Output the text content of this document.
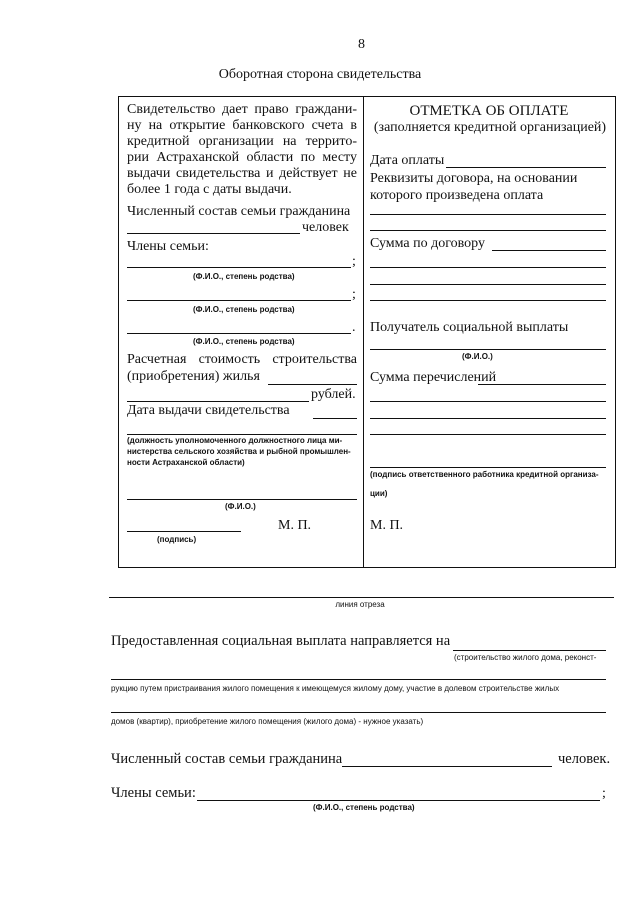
8
Оборотная сторона свидетельства
Свидетельство дает право граждани-
ну на открытие банковского счета в
кредитной организации на террито-
рии Астраханской области по месту
выдачи свидетельства и действует не
более 1 года с даты выдачи.
Численный состав семьи гражданина
человек
Члены семьи:
;
(Ф.И.О., степень родства)
;
(Ф.И.О., степень родства)
.
(Ф.И.О., степень родства)
Расчетная стоимость строительства
(приобретения) жилья
рублей.
Дата выдачи свидетельства
(должность уполномоченного должностного лица ми-
нистерства сельского хозяйства и рыбной промышлен-
ности Астраханской области)
(Ф.И.О.)
(подпись)
М. П.
ОТМЕТКА ОБ ОПЛАТЕ
(заполняется кредитной организацией)
Дата оплаты
Реквизиты договора, на основании
которого произведена оплата
Сумма по договору
Получатель социальной выплаты
(Ф.И.О.)
Сумма перечислений
(подпись ответственного работника кредитной организа-
ции)
М. П.
линия отреза
Предоставленная социальная выплата направляется на
(строительство жилого дома, реконст-
рукцию путем пристраивания жилого помещения к имеющемуся жилому дому, участие в долевом строительстве жилых
домов (квартир), приобретение жилого помещения (жилого дома) - нужное указать)
Численный состав семьи гражданина	человек.
Члены семьи:	;
(Ф.И.О., степень родства)
